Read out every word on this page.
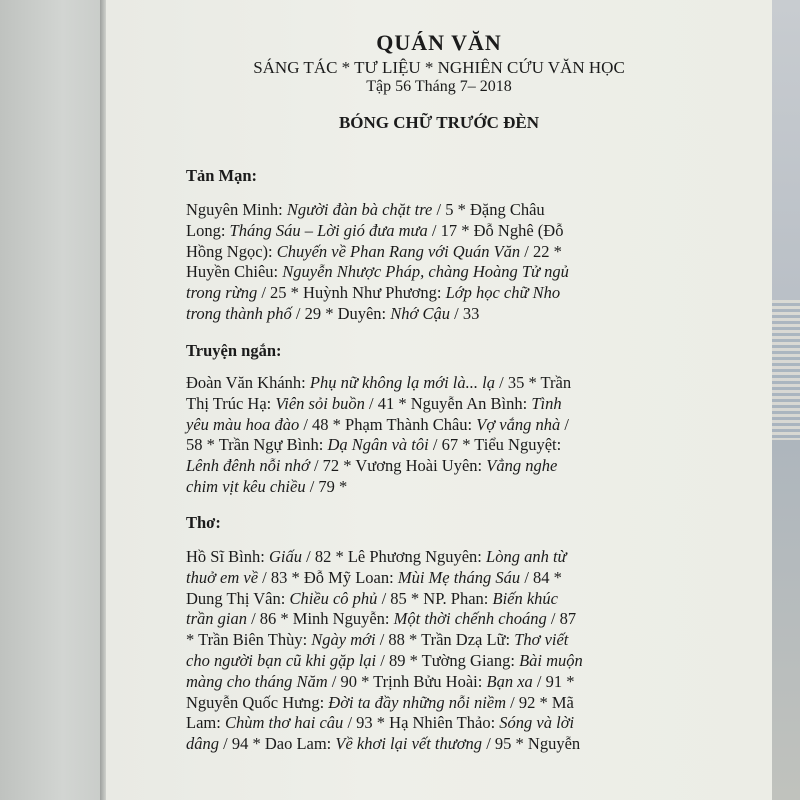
QUÁN VĂN
SÁNG TÁC * TƯ LIỆU * NGHIÊN CỨU VĂN HỌC
Tập 56 Tháng 7– 2018
BÓNG CHỮ TRƯỚC ĐÈN
Tản Mạn:
Nguyên Minh: Người đàn bà chặt tre / 5 * Đặng Châu
Long: Tháng Sáu – Lời gió đưa mưa / 17 * Đỗ Nghê (Đỗ
Hồng Ngọc): Chuyến về Phan Rang với Quán Văn / 22 *
Huyền Chiêu: Nguyễn Nhược Pháp, chàng Hoàng Tử ngủ
trong rừng / 25 * Huỳnh Như Phương: Lớp học chữ Nho
trong thành phố / 29 * Duyên: Nhớ Cậu / 33
Truyện ngắn:
Đoàn Văn Khánh: Phụ nữ không lạ mới là... lạ / 35 * Trần
Thị Trúc Hạ: Viên sỏi buồn / 41 * Nguyễn An Bình: Tình
yêu màu hoa đào / 48 * Phạm Thành Châu: Vợ vắng nhà /
58 * Trần Ngự Bình: Dạ Ngân và tôi / 67 * Tiểu Nguyệt:
Lênh đênh nỗi nhớ / 72 * Vương Hoài Uyên: Vẳng nghe
chim vịt kêu chiều / 79 *
Thơ:
Hồ Sĩ Bình: Giấu / 82 * Lê Phương Nguyên: Lòng anh từ
thuở em về / 83 * Đỗ Mỹ Loan: Mùi Mẹ tháng Sáu / 84 *
Dung Thị Vân: Chiều cô phủ / 85 * NP. Phan: Biến khúc
trần gian / 86 * Minh Nguyễn: Một thời chếnh choáng / 87
* Trần Biên Thùy: Ngày mới / 88 * Trần Dzạ Lữ: Thơ viết
cho người bạn cũ khi gặp lại / 89 * Tường Giang: Bài muộn
màng cho tháng Năm / 90 * Trịnh Bửu Hoài: Bạn xa / 91 *
Nguyễn Quốc Hưng: Đời ta đầy những nỗi niềm / 92 * Mã
Lam: Chùm thơ hai câu / 93 * Hạ Nhiên Thảo: Sóng và lời
dâng / 94 * Dao Lam: Về khơi lại vết thương / 95 * Nguyễn
